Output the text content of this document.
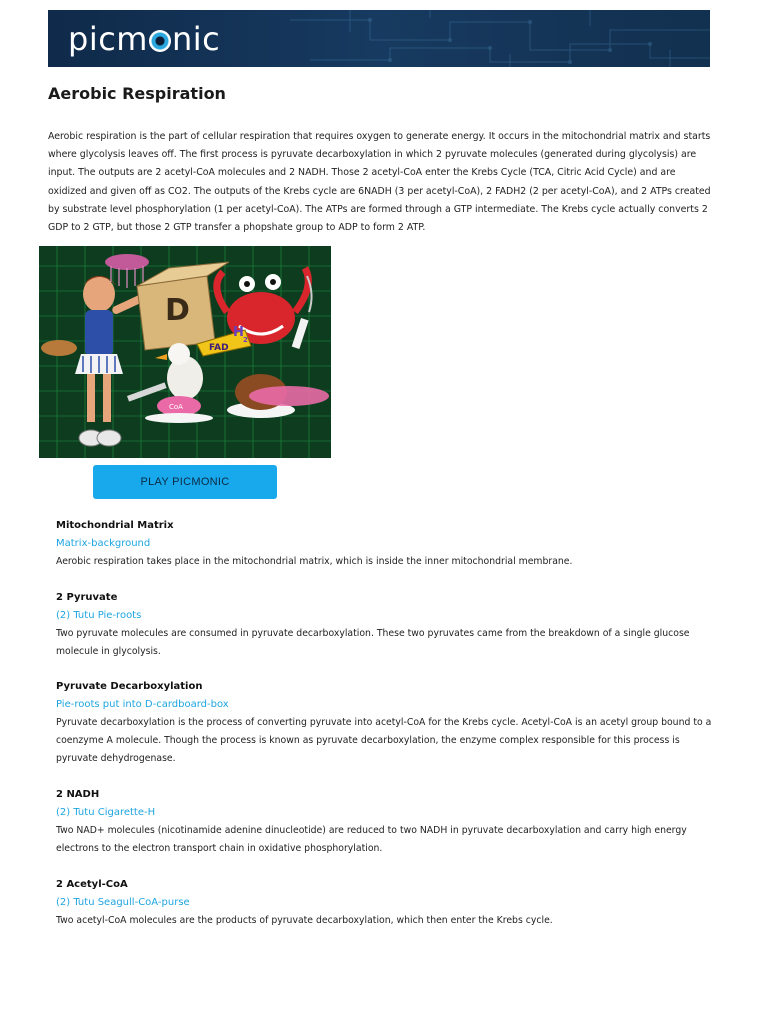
picm nic
Aerobic Respiration

Aerobic respiration is the part of cellular respiration that requires oxygen to generate energy. It occurs in the mitochondrial matrix and starts where glycolysis leaves off. The first process is pyruvate decarboxylation in which 2 pyruvate molecules (generated during glycolysis) are input. The outputs are 2 acetyl-CoA molecules and 2 NADH. Those 2 acetyl-CoA enter the Krebs Cycle (TCA, Citric Acid Cycle) and are oxidized and given off as CO2. The outputs of the Krebs cycle are 6NADH (3 per acetyl-CoA), 2 FADH2 (2 per acetyl-CoA), and 2 ATPs created by substrate level phosphorylation (1 per acetyl-CoA). The ATPs are formed through a GTP intermediate. The Krebs cycle actually converts 2 GDP to 2 GTP, but those 2 GTP transfer a phopshate group to ADP to form 2 ATP.

D
FAD
H 2
CoA
PLAY PICMONIC
Mitochondrial Matrix
Matrix-background

Aerobic respiration takes place in the mitochondrial matrix, which is inside the inner mitochondrial membrane.

2 Pyruvate
(2) Tutu Pie-roots

Two pyruvate molecules are consumed in pyruvate decarboxylation. These two pyruvates came from the breakdown of a single glucose molecule in glycolysis.

Pyruvate Decarboxylation
Pie-roots put into D-cardboard-box

Pyruvate decarboxylation is the process of converting pyruvate into acetyl-CoA for the Krebs cycle. Acetyl-CoA is an acetyl group bound to a coenzyme A molecule. Though the process is known as pyruvate decarboxylation, the enzyme complex responsible for this process is pyruvate dehydrogenase.

2 NADH
(2) Tutu Cigarette-H

Two NAD+ molecules (nicotinamide adenine dinucleotide) are reduced to two NADH in pyruvate decarboxylation and carry high energy electrons to the electron transport chain in oxidative phosphorylation.

2 Acetyl-CoA
(2) Tutu Seagull-CoA-purse

Two acetyl-CoA molecules are the products of pyruvate decarboxylation, which then enter the Krebs cycle.
